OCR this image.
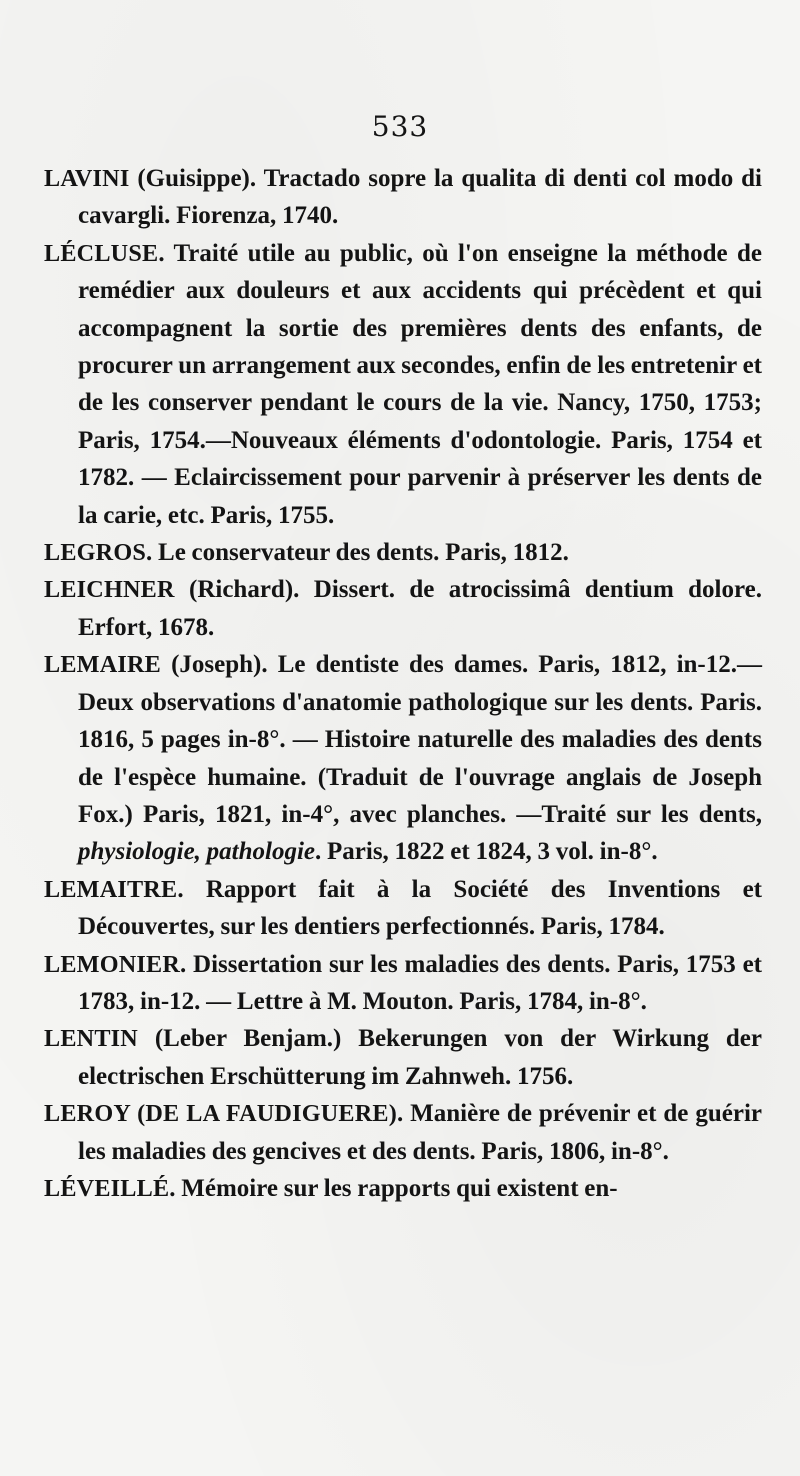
533

LAVINI (Guisippe). Tractado sopre la qualita di denti col modo di cavargli. Fiorenza, 1740.

LÉCLUSE. Traité utile au public, où l'on enseigne la méthode de remédier aux douleurs et aux accidents qui précèdent et qui accompagnent la sortie des premières dents des enfants, de procurer un arrangement aux secondes, enfin de les entretenir et de les conserver pendant le cours de la vie. Nancy, 1750, 1753; Paris, 1754.—Nouveaux éléments d'odontologie. Paris, 1754 et 1782. — Eclaircissement pour parvenir à préserver les dents de la carie, etc. Paris, 1755.

LEGROS. Le conservateur des dents. Paris, 1812.

LEICHNER (Richard). Dissert. de atrocissimâ dentium dolore. Erfort, 1678.

LEMAIRE (Joseph). Le dentiste des dames. Paris, 1812, in-12.—Deux observations d'anatomie pathologique sur les dents. Paris. 1816, 5 pages in-8°. — Histoire naturelle des maladies des dents de l'espèce humaine. (Traduit de l'ouvrage anglais de Joseph Fox.) Paris, 1821, in-4°, avec planches. —Traité sur les dents, physiologie, pathologie. Paris, 1822 et 1824, 3 vol. in-8°.

LEMAITRE. Rapport fait à la Société des Inventions et Découvertes, sur les dentiers perfectionnés. Paris, 1784.

LEMONIER. Dissertation sur les maladies des dents. Paris, 1753 et 1783, in-12. — Lettre à M. Mouton. Paris, 1784, in-8°.

LENTIN (Leber Benjam.) Bekerungen von der Wirkung der electrischen Erschütterung im Zahnweh. 1756.

LEROY (DE LA FAUDIGUERE). Manière de prévenir et de guérir les maladies des gencives et des dents. Paris, 1806, in-8°.

LÉVEILLÉ. Mémoire sur les rapports qui existent en-
